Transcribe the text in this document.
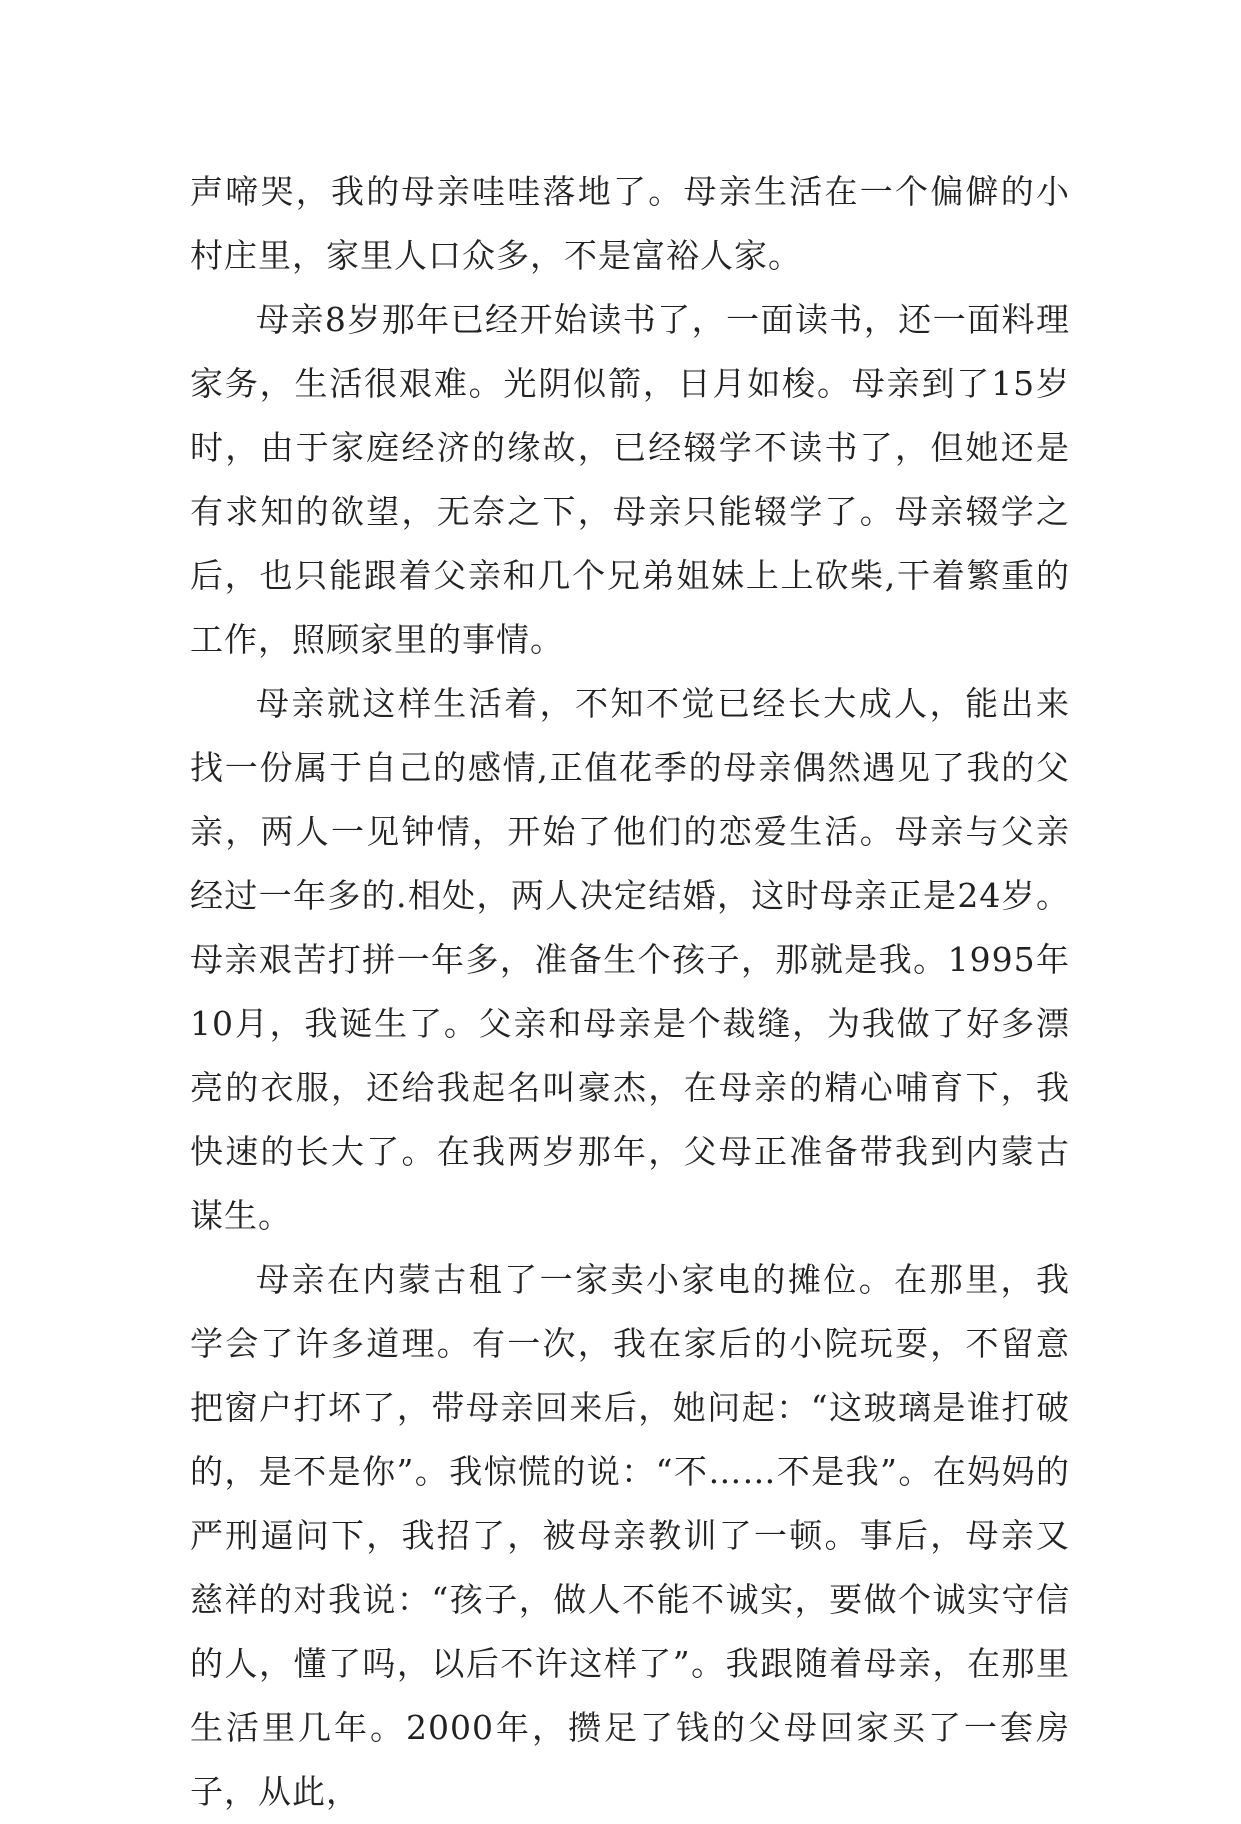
声啼哭，我的母亲哇哇落地了。母亲生活在一个偏僻的小村庄里，家里人口众多，不是富裕人家。

母亲8岁那年已经开始读书了，一面读书，还一面料理家务，生活很艰难。光阴似箭，日月如梭。母亲到了15岁时，由于家庭经济的缘故，已经辍学不读书了，但她还是有求知的欲望，无奈之下，母亲只能辍学了。母亲辍学之后，也只能跟着父亲和几个兄弟姐妹上上砍柴,干着繁重的工作，照顾家里的事情。

母亲就这样生活着，不知不觉已经长大成人，能出来找一份属于自己的感情,正值花季的母亲偶然遇见了我的父亲，两人一见钟情，开始了他们的恋爱生活。母亲与父亲经过一年多的.相处，两人决定结婚，这时母亲正是24岁。母亲艰苦打拼一年多，准备生个孩子，那就是我。1995年10月，我诞生了。父亲和母亲是个裁缝，为我做了好多漂亮的衣服，还给我起名叫豪杰，在母亲的精心哺育下，我快速的长大了。在我两岁那年，父母正准备带我到内蒙古谋生。

母亲在内蒙古租了一家卖小家电的摊位。在那里，我学会了许多道理。有一次，我在家后的小院玩耍，不留意把窗户打坏了，带母亲回来后，她问起：“这玻璃是谁打破的，是不是你”。我惊慌的说：“不……不是我”。在妈妈的严刑逼问下，我招了，被母亲教训了一顿。事后，母亲又慈祥的对我说：“孩子，做人不能不诚实，要做个诚实守信的人，懂了吗，以后不许这样了”。我跟随着母亲，在那里生活里几年。2000年，攒足了钱的父母回家买了一套房子，从此，
